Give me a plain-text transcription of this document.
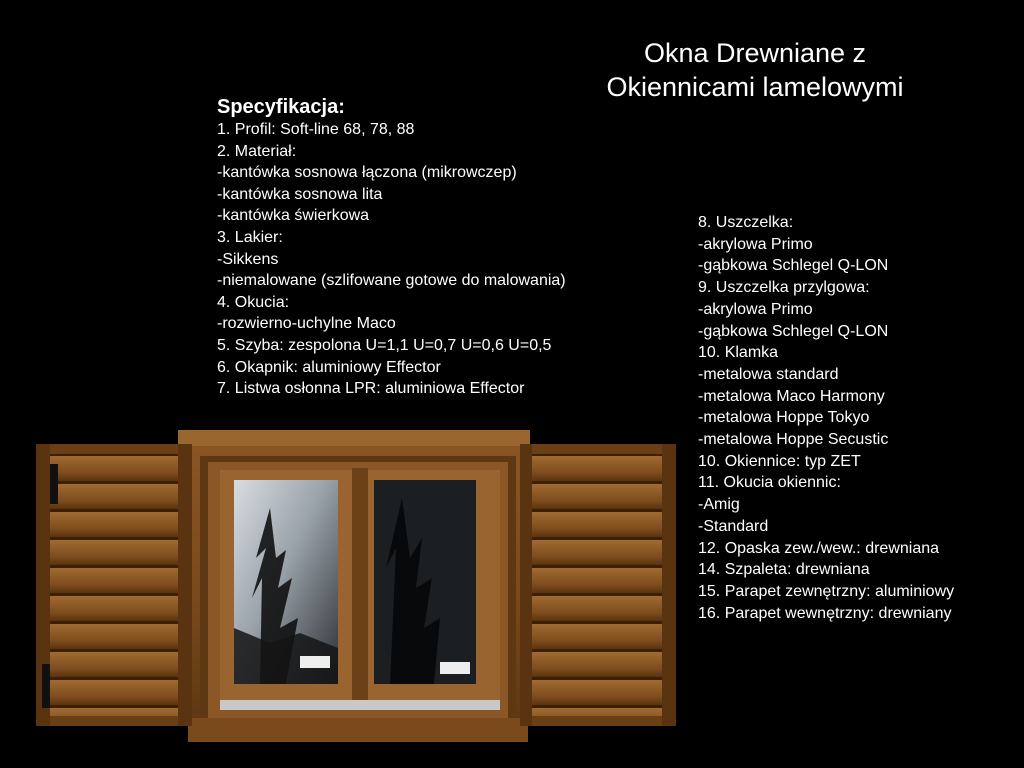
Okna Drewniane z
Okiennicami lamelowymi
Specyfikacja:
1. Profil: Soft-line 68, 78, 88
2. Materiał:
-kantówka sosnowa łączona (mikrowczep)
-kantówka sosnowa lita
-kantówka świerkowa
3. Lakier:
-Sikkens
-niemalowane (szlifowane gotowe do malowania)
4. Okucia:
-rozwierno-uchylne Maco
5. Szyba: zespolona U=1,1 U=0,7 U=0,6 U=0,5
6. Okapnik: aluminiowy Effector
7. Listwa osłonna LPR: aluminiowa Effector
8. Uszczelka:
-akrylowa Primo
-gąbkowa Schlegel Q-LON
9. Uszczelka przylgowa:
-akrylowa Primo
-gąbkowa Schlegel Q-LON
10. Klamka
-metalowa standard
-metalowa Maco Harmony
-metalowa Hoppe Tokyo
-metalowa Hoppe Secustic
10. Okiennice: typ ZET
11. Okucia okiennic:
-Amig
-Standard
12. Opaska zew./wew.: drewniana
14. Szpaleta: drewniana
15. Parapet zewnętrzny: aluminiowy
16. Parapet wewnętrzny: drewniany
